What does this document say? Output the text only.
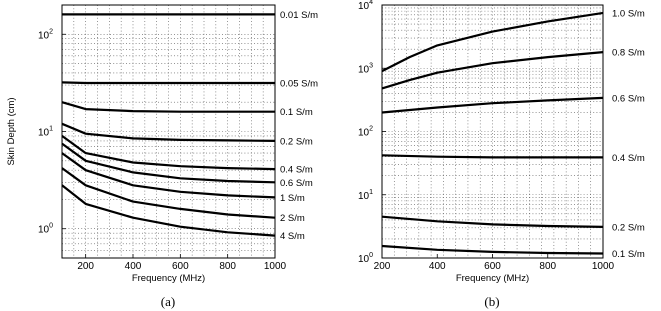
200	400	600	800	1000
$10^0$
$10^1$
$10^2$
Frequency (MHz)
Skin Depth (cm)
(a)
0.01 S/m
0.05 S/m
0.1 S/m
0.2 S/m
0.4 S/m
0.6 S/m
1 S/m
2 S/m
4 S/m
200	400	600	800	1000
$10^0$
$10^1$
$10^2$
$10^3$
$10^4$
Frequency (MHz)
(b)
1.0 S/m
0.8 S/m
0.6 S/m
0.4 S/m
0.2 S/m
0.1 S/m
